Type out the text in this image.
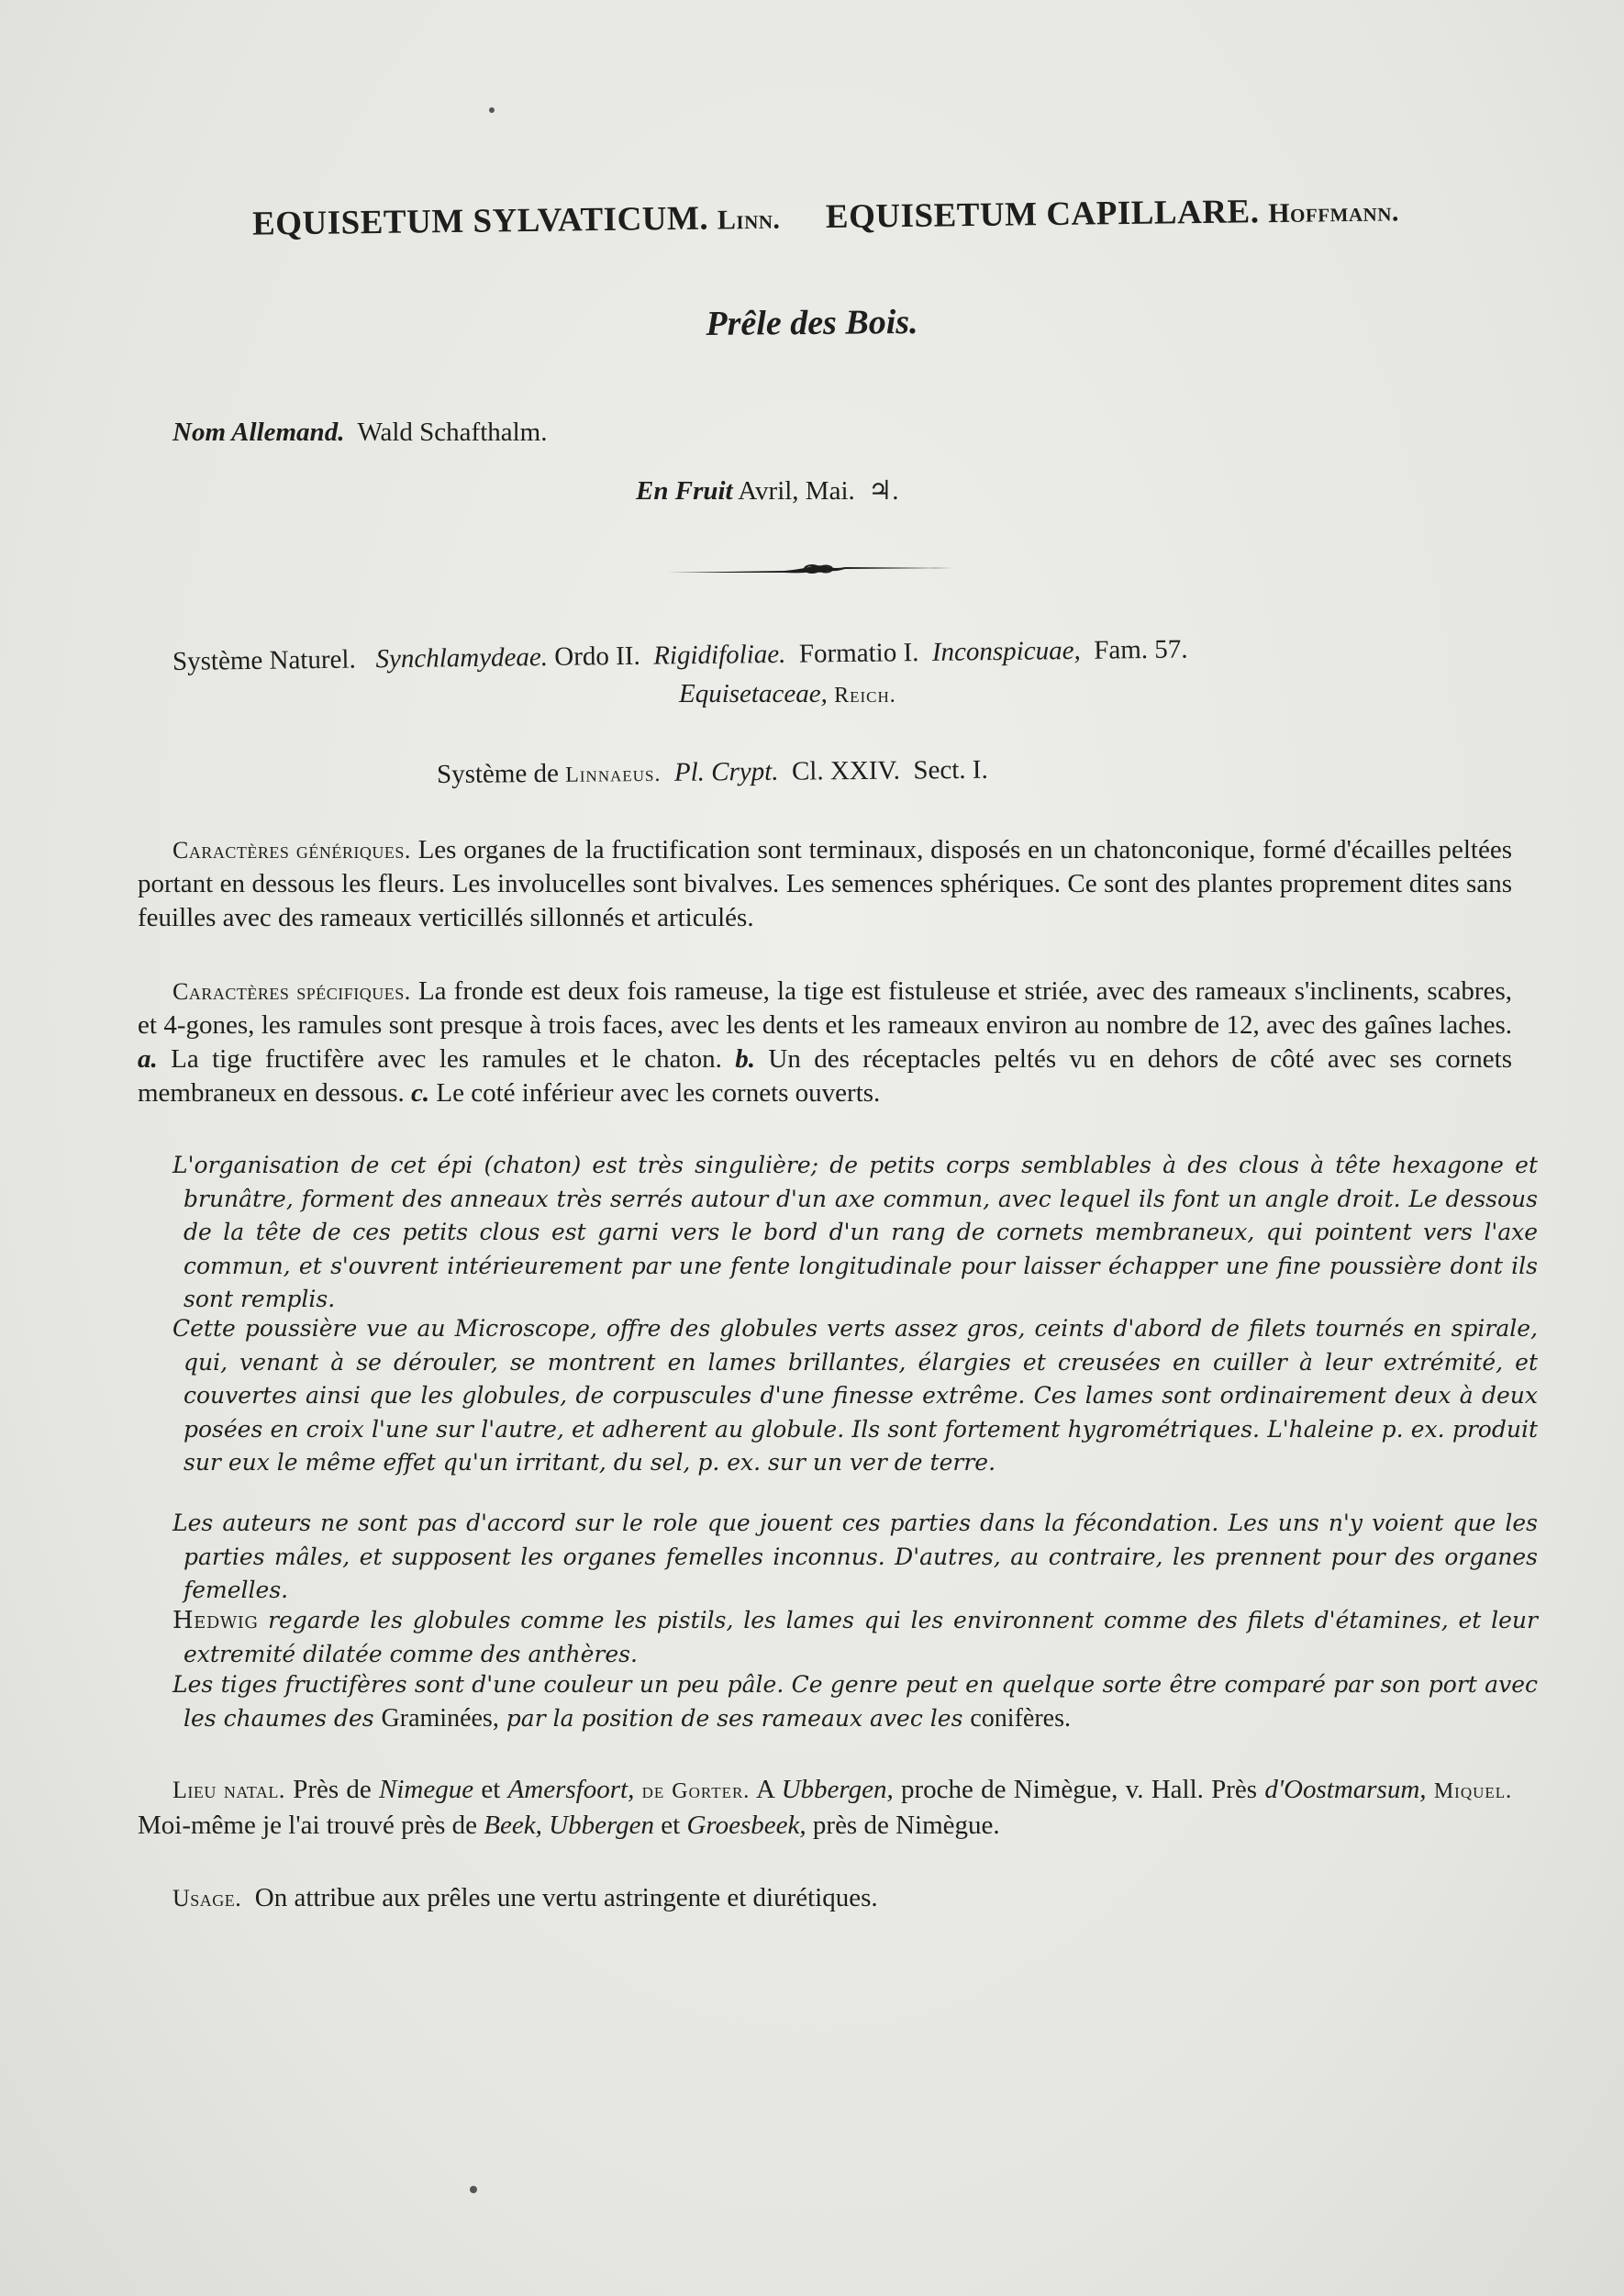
EQUISETUM SYLVATICUM. Linn. EQUISETUM CAPILLARE. Hoffmann.
Prêle des Bois.
Nom Allemand. Wald Schafthalm.
En Fruit Avril, Mai. ♃.
Système Naturel. Synchlamydeae. Ordo II. Rigidifoliae. Formatio I. Inconspicuae, Fam. 57.
Equisetaceae, Reich.
Système de Linnaeus. Pl. Crypt. Cl. XXIV. Sect. I.
Caractères génériques. Les organes de la fructification sont terminaux, disposés en un chatonconique, formé d'écailles peltées portant en dessous les fleurs. Les involucelles sont bivalves. Les semences sphériques. Ce sont des plantes proprement dites sans feuilles avec des rameaux verticillés sillonnés et articulés.
Caractères spécifiques. La fronde est deux fois rameuse, la tige est fistuleuse et striée, avec des rameaux s'inclinents, scabres, et 4-gones, les ramules sont presque à trois faces, avec les dents et les rameaux environ au nombre de 12, avec des gaînes laches. a. La tige fructifère avec les ramules et le chaton. b. Un des réceptacles peltés vu en dehors de côté avec ses cornets membraneux en dessous. c. Le coté inférieur avec les cornets ouverts.
L'organisation de cet épi (chaton) est très singulière; de petits corps semblables à des clous à tête hexagone et brunâtre, forment des anneaux très serrés autour d'un axe commun, avec lequel ils font un angle droit. Le dessous de la tête de ces petits clous est garni vers le bord d'un rang de cornets membraneux, qui pointent vers l'axe commun, et s'ouvrent intérieurement par une fente longitudinale pour laisser échapper une fine poussière dont ils sont remplis.
Cette poussière vue au Microscope, offre des globules verts assez gros, ceints d'abord de filets tournés en spirale, qui, venant à se dérouler, se montrent en lames brillantes, élargies et creusées en cuiller à leur extrémité, et couvertes ainsi que les globules, de corpuscules d'une finesse extrême. Ces lames sont ordinairement deux à deux posées en croix l'une sur l'autre, et adherent au globule. Ils sont fortement hygrométriques. L'haleine p. ex. produit sur eux le même effet qu'un irritant, du sel, p. ex. sur un ver de terre.
Les auteurs ne sont pas d'accord sur le role que jouent ces parties dans la fécondation. Les uns n'y voient que les parties mâles, et supposent les organes femelles inconnus. D'autres, au contraire, les prennent pour des organes femelles.
Hedwig regarde les globules comme les pistils, les lames qui les environnent comme des filets d'étamines, et leur extremité dilatée comme des anthères.
Les tiges fructifères sont d'une couleur un peu pâle. Ce genre peut en quelque sorte être comparé par son port avec les chaumes des Graminées, par la position de ses rameaux avec les conifères.
Lieu natal. Près de Nimegue et Amersfoort, de Gorter. A Ubbergen, proche de Nimègue, v. Hall. Près d'Oostmarsum, Miquel. Moi-même je l'ai trouvé près de Beek, Ubbergen et Groesbeek, près de Nimègue.
Usage. On attribue aux prêles une vertu astringente et diurétiques.
